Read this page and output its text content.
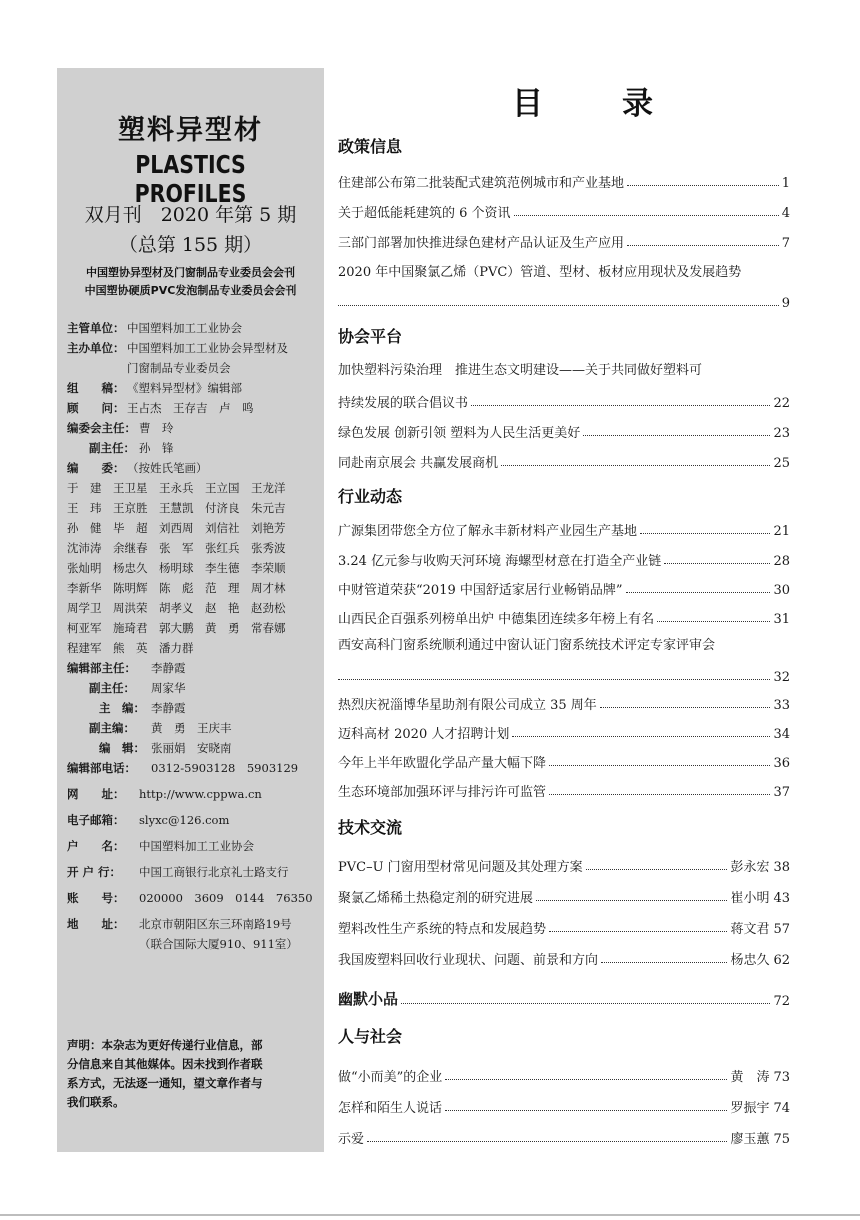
塑料异型材
PLASTICS PROFILES
双月刊　2020 年第 5 期
（总第 155 期）
中国塑协异型材及门窗制品专业委员会会刊
中国塑协硬质PVC发泡制品专业委员会会刊
主管单位： 中国塑料加工工业协会
主办单位： 中国塑料加工工业协会异型材及
门窗制品专业委员会
组　　稿： 《塑料异型材》编辑部
顾　　问： 王占杰　王存吉　卢　鸣
编委会主任： 曹　玲
副主任： 孙　锋
编　　委： （按姓氏笔画）
于　建　王卫星　王永兵　王立国　王龙洋
王　玮　王京胜　王慧凯　付济良　朱元吉
孙　健　毕　超　刘西周　刘信社　刘艳芳
沈沛涛　余继春　张　军　张红兵　张秀波
张灿明　杨忠久　杨明球　李生德　李荣顺
李新华　陈明辉　陈　彪　范　理　周才林
周学卫　周洪荣　胡孝义　赵　艳　赵劲松
柯亚军　施琦君　郭大鹏　黄　勇　常春娜
程建军　熊　英　潘力群
编辑部主任： 李静霞
副主任： 周家华
主　编： 李静霞
副主编： 黄　勇　王庆丰
编　辑： 张丽娟　安晓南
编辑部电话： 0312-5903128　5903129
网　　址： http://www.cppwa.cn
电子邮箱： slyxc@126.com
户　　名： 中国塑料加工工业协会
开 户 行： 中国工商银行北京礼士路支行
账　　号： 020000　3609　0144　76350
地　　址： 北京市朝阳区东三环南路19号
（联合国际大厦910、911室）
声明：本杂志为更好传递行业信息，部
分信息来自其他媒体。因未找到作者联
系方式，无法逐一通知，望文章作者与
我们联系。
目　录
政策信息
住建部公布第二批装配式建筑范例城市和产业基地	1
关于超低能耗建筑的 6 个资讯	4
三部门部署加快推进绿色建材产品认证及生产应用	7
2020 年中国聚氯乙烯（PVC）管道、型材、板材应用现状及发展趋势
9
协会平台
加快塑料污染治理　推进生态文明建设——关于共同做好塑料可
持续发展的联合倡议书	22
绿色发展 创新引领 塑料为人民生活更美好	23
同赴南京展会 共赢发展商机	25
行业动态
广源集团带您全方位了解永丰新材料产业园生产基地	21
3.24 亿元参与收购天河环境 海螺型材意在打造全产业链	28
中财管道荣获“2019 中国舒适家居行业畅销品牌”	30
山西民企百强系列榜单出炉 中德集团连续多年榜上有名	31
西安高科门窗系统顺利通过中窗认证门窗系统技术评定专家评审会
32
热烈庆祝淄博华星助剂有限公司成立 35 周年	33
迈科高材 2020 人才招聘计划	34
今年上半年欧盟化学品产量大幅下降	36
生态环境部加强环评与排污许可监管	37
技术交流
PVC–U 门窗用型材常见问题及其处理方案	彭永宏 38
聚氯乙烯稀土热稳定剂的研究进展	崔小明 43
塑料改性生产系统的特点和发展趋势	蒋文君 57
我国废塑料回收行业现状、问题、前景和方向	杨忠久 62
幽默小品	72
人与社会
做“小而美”的企业	黄　涛 73
怎样和陌生人说话	罗振宇 74
示爱	廖玉蕙 75
